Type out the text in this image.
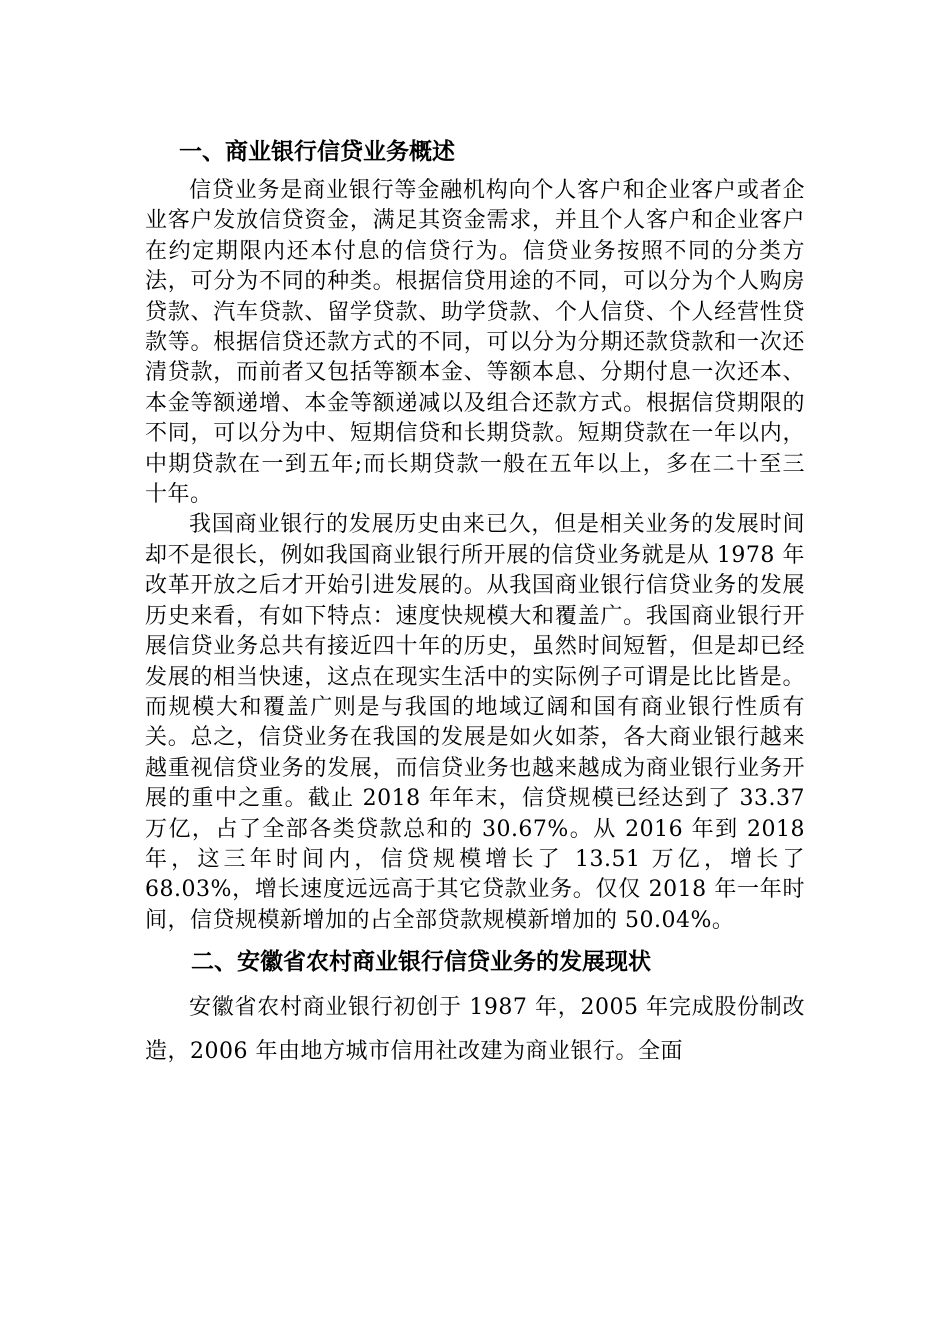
一、商业银行信贷业务概述

信贷业务是商业银行等金融机构向个人客户和企业客户或者企业客户发放信贷资金，满足其资金需求，并且个人客户和企业客户在约定期限内还本付息的信贷行为。信贷业务按照不同的分类方法，可分为不同的种类。根据信贷用途的不同，可以分为个人购房贷款、汽车贷款、留学贷款、助学贷款、个人信贷、个人经营性贷款等。根据信贷还款方式的不同，可以分为分期还款贷款和一次还清贷款，而前者又包括等额本金、等额本息、分期付息一次还本、本金等额递增、本金等额递减以及组合还款方式。根据信贷期限的不同，可以分为中、短期信贷和长期贷款。短期贷款在一年以内，中期贷款在一到五年;而长期贷款一般在五年以上，多在二十至三十年。

我国商业银行的发展历史由来已久，但是相关业务的发展时间却不是很长，例如我国商业银行所开展的信贷业务就是从 1978 年改革开放之后才开始引进发展的。从我国商业银行信贷业务的发展历史来看，有如下特点：速度快规模大和覆盖广。我国商业银行开展信贷业务总共有接近四十年的历史，虽然时间短暂，但是却已经发展的相当快速，这点在现实生活中的实际例子可谓是比比皆是。而规模大和覆盖广则是与我国的地域辽阔和国有商业银行性质有关。总之，信贷业务在我国的发展是如火如荼，各大商业银行越来越重视信贷业务的发展，而信贷业务也越来越成为商业银行业务开展的重中之重。截止 2018 年年末，信贷规模已经达到了 33.37 万亿，占了全部各类贷款总和的 30.67%。从 2016 年到 2018 年，这三年时间内，信贷规模增长了 13.51 万亿，增长了 68.03%，增长速度远远高于其它贷款业务。仅仅 2018 年一年时间，信贷规模新增加的占全部贷款规模新增加的 50.04%。

二、安徽省农村商业银行信贷业务的发展现状

安徽省农村商业银行初创于 1987 年，2005 年完成股份制改造，2006 年由地方城市信用社改建为商业银行。全面
